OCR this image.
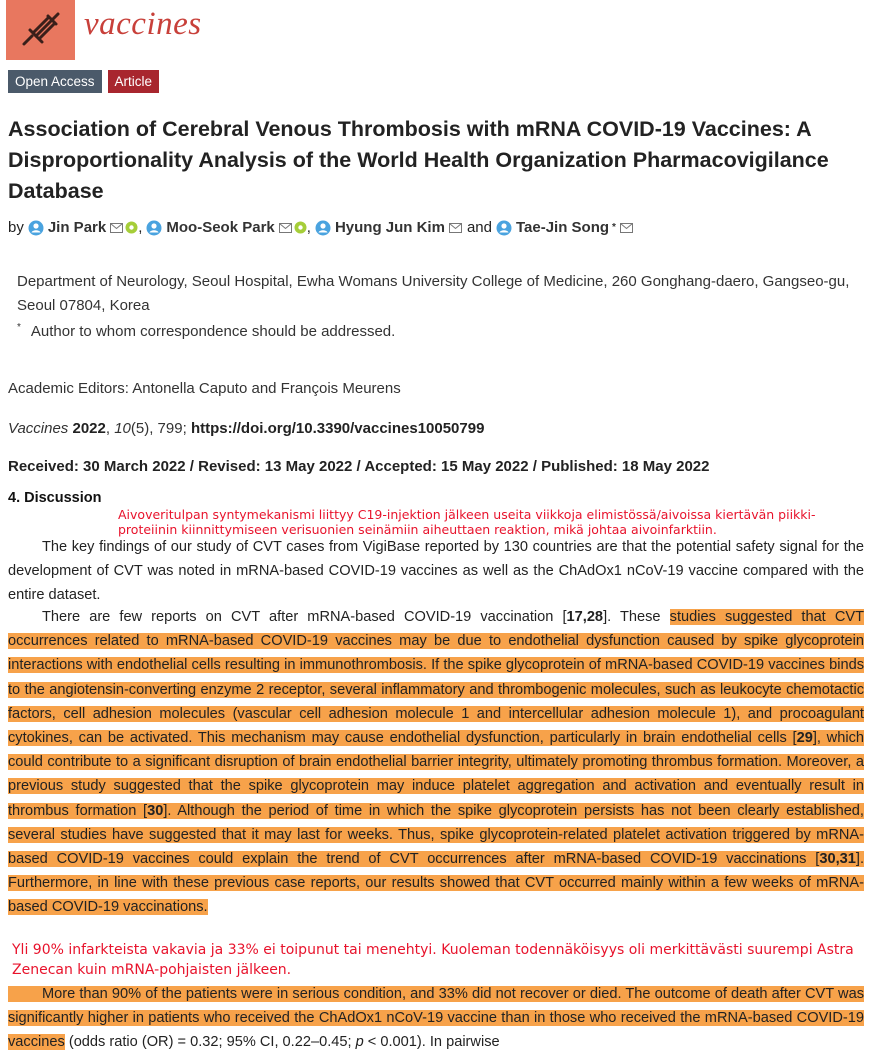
vaccines
Open Access	Article
Association of Cerebral Venous Thrombosis with mRNA COVID-19 Vaccines: A Disproportionality Analysis of the World Health Organization Pharmacovigilance Database
by Jin Park , Moo-Seok Park , Hyung Jun Kim and Tae-Jin Song *
Department of Neurology, Seoul Hospital, Ewha Womans University College of Medicine, 260 Gonghang-daero, Gangseo-gu, Seoul 07804, Korea
* Author to whom correspondence should be addressed.
Academic Editors: Antonella Caputo and François Meurens
Vaccines 2022, 10(5), 799; https://doi.org/10.3390/vaccines10050799
Received: 30 March 2022 / Revised: 13 May 2022 / Accepted: 15 May 2022 / Published: 18 May 2022
4. Discussion
Aivoveritulpan syntymekanismi liittyy C19-injektion jälkeen useita viikkoja elimistössä/aivoissa kiertävän piikki-proteiinin kiinnittymiseen verisuonien seinämiin aiheuttaen reaktion, mikä johtaa aivoinfarktiin.

The key findings of our study of CVT cases from VigiBase reported by 130 countries are that the potential safety signal for the development of CVT was noted in mRNA-based COVID-19 vaccines as well as the ChAdOx1 nCoV-19 vaccine compared with the entire dataset.

There are few reports on CVT after mRNA-based COVID-19 vaccination [17,28]. These studies suggested that CVT occurrences related to mRNA-based COVID-19 vaccines may be due to endothelial dysfunction caused by spike glycoprotein interactions with endothelial cells resulting in immunothrombosis. If the spike glycoprotein of mRNA-based COVID-19 vaccines binds to the angiotensin-converting enzyme 2 receptor, several inflammatory and thrombogenic molecules, such as leukocyte chemotactic factors, cell adhesion molecules (vascular cell adhesion molecule 1 and intercellular adhesion molecule 1), and procoagulant cytokines, can be activated. This mechanism may cause endothelial dysfunction, particularly in brain endothelial cells [29], which could contribute to a significant disruption of brain endothelial barrier integrity, ultimately promoting thrombus formation. Moreover, a previous study suggested that the spike glycoprotein may induce platelet aggregation and activation and eventually result in thrombus formation [30]. Although the period of time in which the spike glycoprotein persists has not been clearly established, several studies have suggested that it may last for weeks. Thus, spike glycoprotein-related platelet activation triggered by mRNA-based COVID-19 vaccines could explain the trend of CVT occurrences after mRNA-based COVID-19 vaccinations [30,31]. Furthermore, in line with these previous case reports, our results showed that CVT occurred mainly within a few weeks of mRNA-based COVID-19 vaccinations.

Yli 90% infarkteista vakavia ja 33% ei toipunut tai menehtyi. Kuoleman todennäköisyys oli merkittävästi suurempi Astra Zenecan kuin mRNA-pohjaisten jälkeen.

More than 90% of the patients were in serious condition, and 33% did not recover or died. The outcome of death after CVT was significantly higher in patients who received the ChAdOx1 nCoV-19 vaccine than in those who received the mRNA-based COVID-19 vaccines (odds ratio (OR) = 0.32; 95% CI, 0.22–0.45; p < 0.001). In pairwise
